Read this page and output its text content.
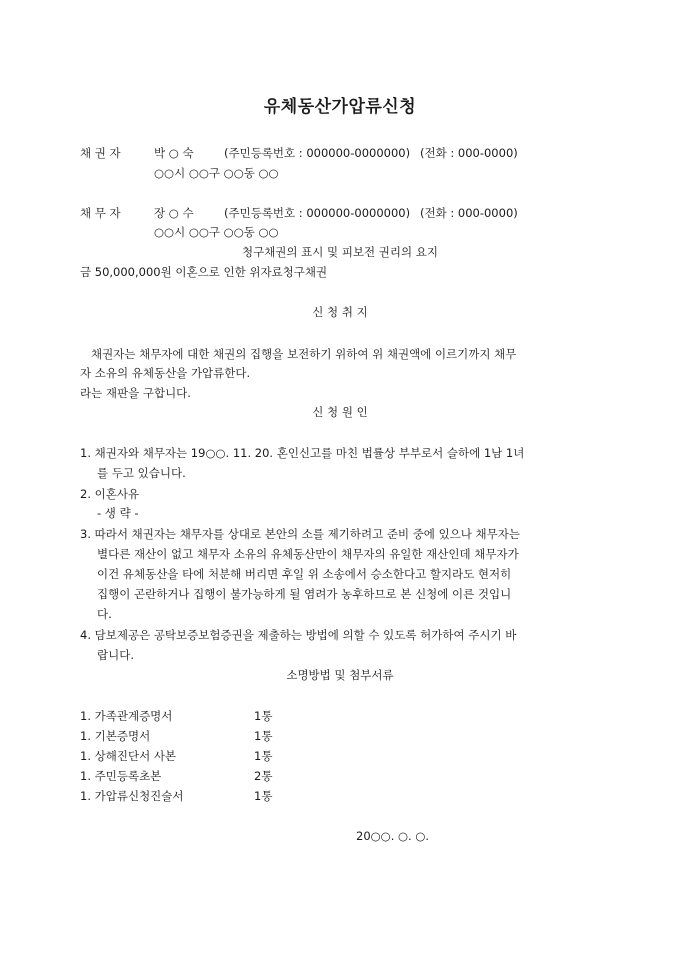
유체동산가압류신청
채 권 자	박 ○ 숙	(주민등록번호 : 000000-0000000) (전화 : 000-0000)
○○시 ○○구 ○○동 ○○
채 무 자	장 ○ 수	(주민등록번호 : 000000-0000000) (전화 : 000-0000)
○○시 ○○구 ○○동 ○○
청구채권의 표시 및 피보전 권리의 요지
금 50,000,000원 이혼으로 인한 위자료청구채권
신 청 취 지
채권자는 채무자에 대한 채권의 집행을 보전하기 위하여 위 채권액에 이르기까지 채무
자 소유의 유체동산을 가압류한다.
라는 재판을 구합니다.
신 청 원 인
1. 채권자와 채무자는 19○○. 11. 20. 혼인신고를 마친 법률상 부부로서 슬하에 1남 1녀
를 두고 있습니다.
2. 이혼사유
- 생 략 -
3. 따라서 채권자는 채무자를 상대로 본안의 소를 제기하려고 준비 중에 있으나 채무자는
별다른 재산이 없고 채무자 소유의 유체동산만이 채무자의 유일한 재산인데 채무자가
이건 유체동산을 타에 처분해 버리면 후일 위 소송에서 승소한다고 할지라도 현저히
집행이 곤란하거나 집행이 불가능하게 될 염려가 농후하므로 본 신청에 이른 것입니
다.
4. 담보제공은 공탁보증보험증권을 제출하는 방법에 의할 수 있도록 허가하여 주시기 바
랍니다.
소명방법 및 첨부서류
1. 가족관계증명서	1통
1. 기본증명서	1통
1. 상해진단서 사본	1통
1. 주민등록초본	2통
1. 가압류신청진술서	1통
20○○. ○. ○.
